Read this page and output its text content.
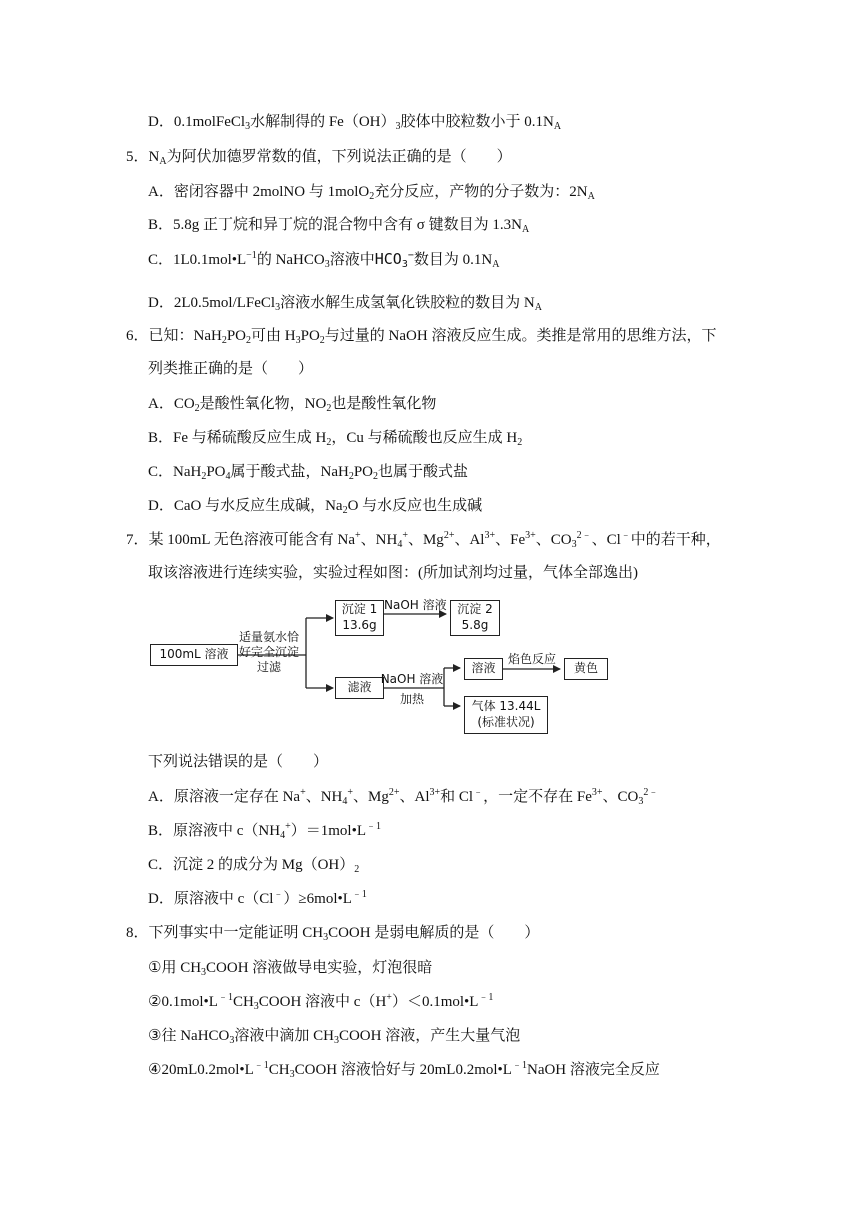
D．0.1molFeCl$_3$水解制得的 $Fe(OH)_3$胶体中胶粒数小于 $0.1N_A$
5．$N_A$为阿伏加德罗常数的值，下列说法正确的是（　　）
A．密闭容器中 2molNO 与 1molO$_2$充分反应，产物的分子数为：$2N_A$
B．5.8g 正丁烷和异丁烷的混合物中含有 σ 键数目为 $1.3N_A$
C．$1L0.1mol•L^{-1}$的 NaHCO$_3$溶液中$HCO_3^-$数目为 $0.1N_A$
D．2L0.5mol/LFeCl$_3$溶液水解生成氢氧化铁胶粒的数目为 $N_A$
6．已知：$NaH_2PO_2$可由 $H_3PO_2$与过量的 NaOH 溶液反应生成。类推是常用的思维方法，下
列类推正确的是（　　）
A．$CO_2$是酸性氧化物，$NO_2$也是酸性氧化物
B．Fe 与稀硫酸反应生成 $H_2$，Cu 与稀硫酸也反应生成 $H_2$
C．$NaH_2PO_4$属于酸式盐，$NaH_2PO_2$也属于酸式盐
D．CaO 与水反应生成碱，$Na_2O$ 与水反应也生成碱
7．某 100mL 无色溶液可能含有 Na+、$NH_4^+$、$Mg^{2+}$、$Al^{3+}$、$Fe^{3+}$、$CO_3^{2﹣}$、Cl﹣中的若干种，
取该溶液进行连续实验，实验过程如图：(所加试剂均过量，气体全部逸出)
100mL 溶液
适量氨水恰
好完全沉淀
过滤
沉淀 1
13.6g
NaOH 溶液 沉淀 2
5.8g
滤液
NaOH 溶液
加热
溶液
焰色反应
黄色
气体 13.44L
(标准状况)
下列说法错误的是（　　）
A．原溶液一定存在 Na+、$NH_4^+$、$Mg^{2+}$、$Al^{3+}$和 Cl﹣，一定不存在 $Fe^{3+}$、$CO_3^{2﹣}$
B．原溶液中 $c(NH_4^+)=1mol•L^{﹣1}$
C．沉淀 2 的成分为 $Mg(OH)_2$
D．原溶液中 $c(Cl^﹣)\ge 6mol•L^{﹣1}$
8．下列事实中一定能证明 $CH_3COOH$ 是弱电解质的是（　　）
①用 $CH_3COOH$ 溶液做导电实验，灯泡很暗
$②0.1mol•L^{﹣1}CH_3COOH$ 溶液中 $c(H^+)<0.1mol•L^{﹣1}$
③往 NaHCO$_3$溶液中滴加 $CH_3COOH$ 溶液，产生大量气泡
$④20mL0.2mol•L^{﹣1}CH_3COOH$ 溶液恰好与 $20mL0.2mol•L^{﹣1}NaOH$ 溶液完全反应
